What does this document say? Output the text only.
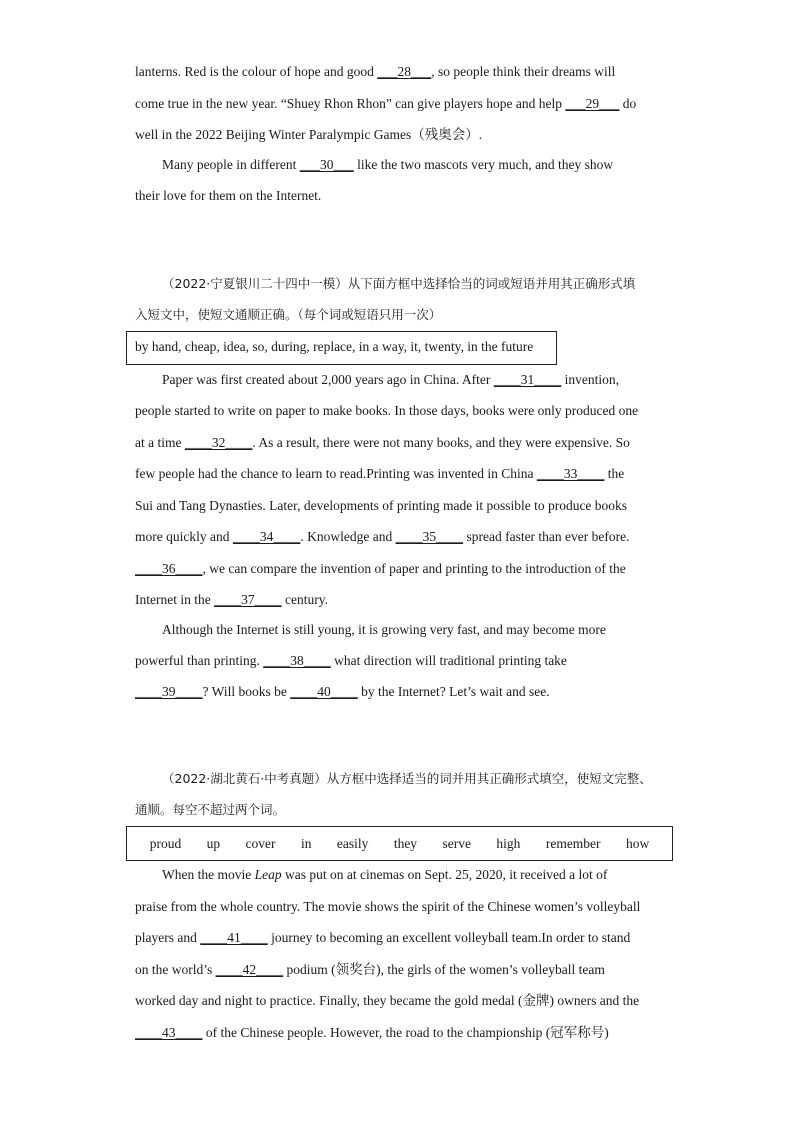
lanterns. Red is the colour of hope and good ___28___, so people think their dreams will
come true in the new year. “Shuey Rhon Rhon” can give players hope and help ___29___ do
well in the 2022 Beijing Winter Paralympic Games（残奥会）.
Many people in different ___30___ like the two mascots very much, and they show
their love for them on the Internet.
（2022·宁夏银川二十四中一模）从下面方框中选择恰当的词或短语并用其正确形式填
入短文中，使短文通顺正确。（每个词或短语只用一次）
by hand, cheap, idea, so, during, replace, in a way, it, twenty, in the future
Paper was first created about 2,000 years ago in China. After ____31____ invention,
people started to write on paper to make books. In those days, books were only produced one
at a time ____32____. As a result, there were not many books, and they were expensive. So
few people had the chance to learn to read.Printing was invented in China ____33____ the
Sui and Tang Dynasties. Later, developments of printing made it possible to produce books
more quickly and ____34____. Knowledge and ____35____ spread faster than ever before.
____36____, we can compare the invention of paper and printing to the introduction of the
Internet in the ____37____ century.
Although the Internet is still young, it is growing very fast, and may become more
powerful than printing. ____38____ what direction will traditional printing take
____39____? Will books be ____40____ by the Internet? Let’s wait and see.
（2022·湖北黄石·中考真题）从方框中选择适当的词并用其正确形式填空，使短文完整、
通顺。每空不超过两个词。
proud up cover in easily they serve high remember how
When the movie Leap was put on at cinemas on Sept. 25, 2020, it received a lot of
praise from the whole country. The movie shows the spirit of the Chinese women’s volleyball
players and ____41____ journey to becoming an excellent volleyball team.In order to stand
on the world’s ____42____ podium (领奖台), the girls of the women’s volleyball team
worked day and night to practice. Finally, they became the gold medal (金牌) owners and the
____43____ of the Chinese people. However, the road to the championship (冠军称号)
